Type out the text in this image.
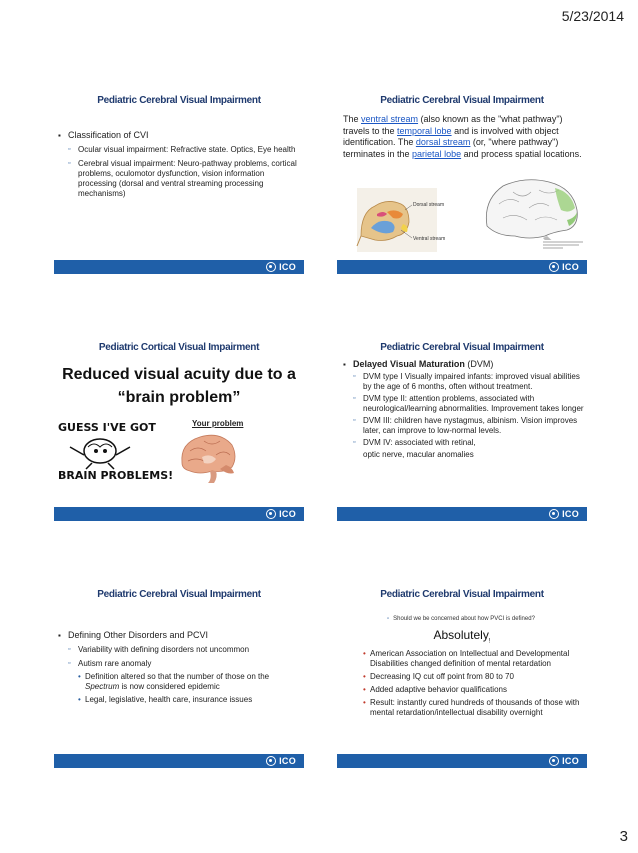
5/23/2014
Pediatric Cerebral Visual Impairment
▪ Classification of CVI
▫ Ocular visual impairment: Refractive state. Optics, Eye health
▫ Cerebral visual impairment: Neuro-pathway problems, cortical problems, oculomotor dysfunction, vision information processing (dorsal and ventral streaming processing mechanisms)
ICO
Pediatric Cerebral Visual Impairment
The ventral stream (also known as the "what pathway") travels to the temporal lobe and is involved with object identification. The dorsal stream (or, "where pathway") terminates in the parietal lobe and process spatial locations.
Dorsal stream
Ventral stream
ICO
Pediatric Cortical Visual Impairment
Reduced visual acuity due to a
“brain problem”
GUESS I'VE GOT
BRAIN PROBLEMS!
Your problem
ICO
Pediatric Cerebral Visual Impairment
▪ Delayed Visual Maturation (DVM)
▫ DVM type I Visually impaired infants: improved visual abilities by the age of 6 months, often without treatment.
▫ DVM type II: attention problems, associated with neurological/learning abnormalities. Improvement takes longer
▫ DVM III: children have nystagmus, albinism. Vision improves later, can improve to low-normal levels.
▫ DVM IV: associated with retinal,
optic nerve, macular anomalies
ICO
Pediatric Cerebral Visual Impairment
▪ Defining Other Disorders and PCVI
▫ Variability with defining disorders not uncommon
▫ Autism rare anomaly
• Definition altered so that the number of those on the Spectrum is now considered epidemic
• Legal, legislative, health care, insurance issues
ICO
Pediatric Cerebral Visual Impairment
▫ Should we be concerned about how PVCI is defined?
Absolutely$_!$
• American Association on Intellectual and Developmental Disabilities changed definition of mental retardation
• Decreasing IQ cut off point from 80 to 70
• Added adaptive behavior qualifications
• Result: instantly cured hundreds of thousands of those with mental retardation/intellectual disability overnight
ICO
3
